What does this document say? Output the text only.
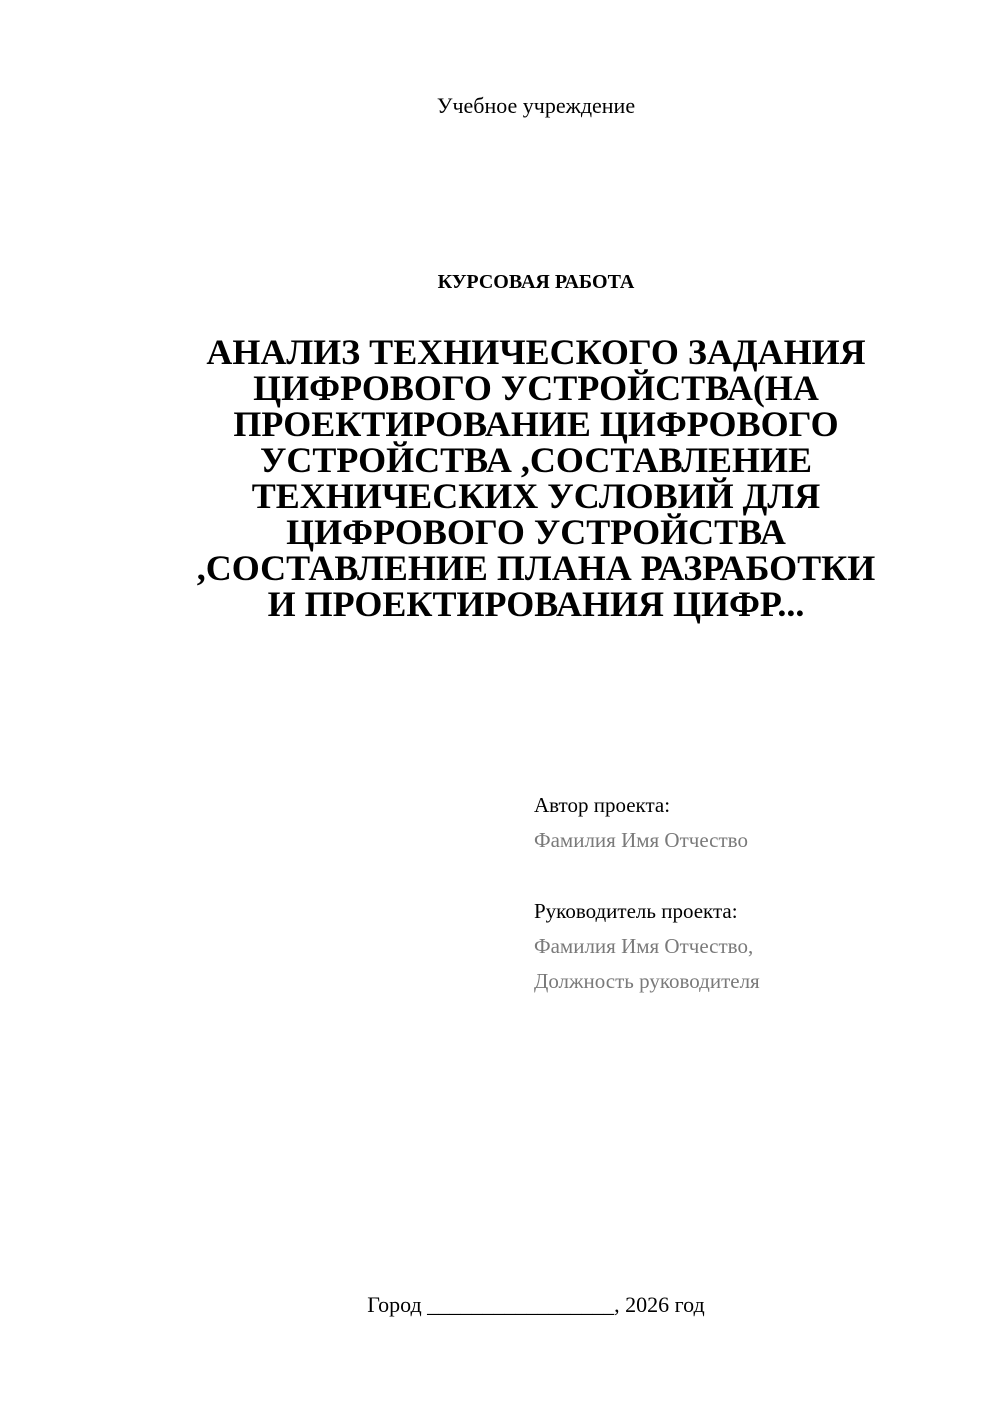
Учебное учреждение
КУРСОВАЯ РАБОТА
АНАЛИЗ ТЕХНИЧЕСКОГО ЗАДАНИЯ
ЦИФРОВОГО УСТРОЙСТВА(НА
ПРОЕКТИРОВАНИЕ ЦИФРОВОГО
УСТРОЙСТВА ,СОСТАВЛЕНИЕ
ТЕХНИЧЕСКИХ УСЛОВИЙ ДЛЯ
ЦИФРОВОГО УСТРОЙСТВА
,СОСТАВЛЕНИЕ ПЛАНА РАЗРАБОТКИ
И ПРОЕКТИРОВАНИЯ ЦИФР...
Автор проекта:
Фамилия Имя Отчество
Руководитель проекта:
Фамилия Имя Отчество,
Должность руководителя
Город _________________, 2026 год
